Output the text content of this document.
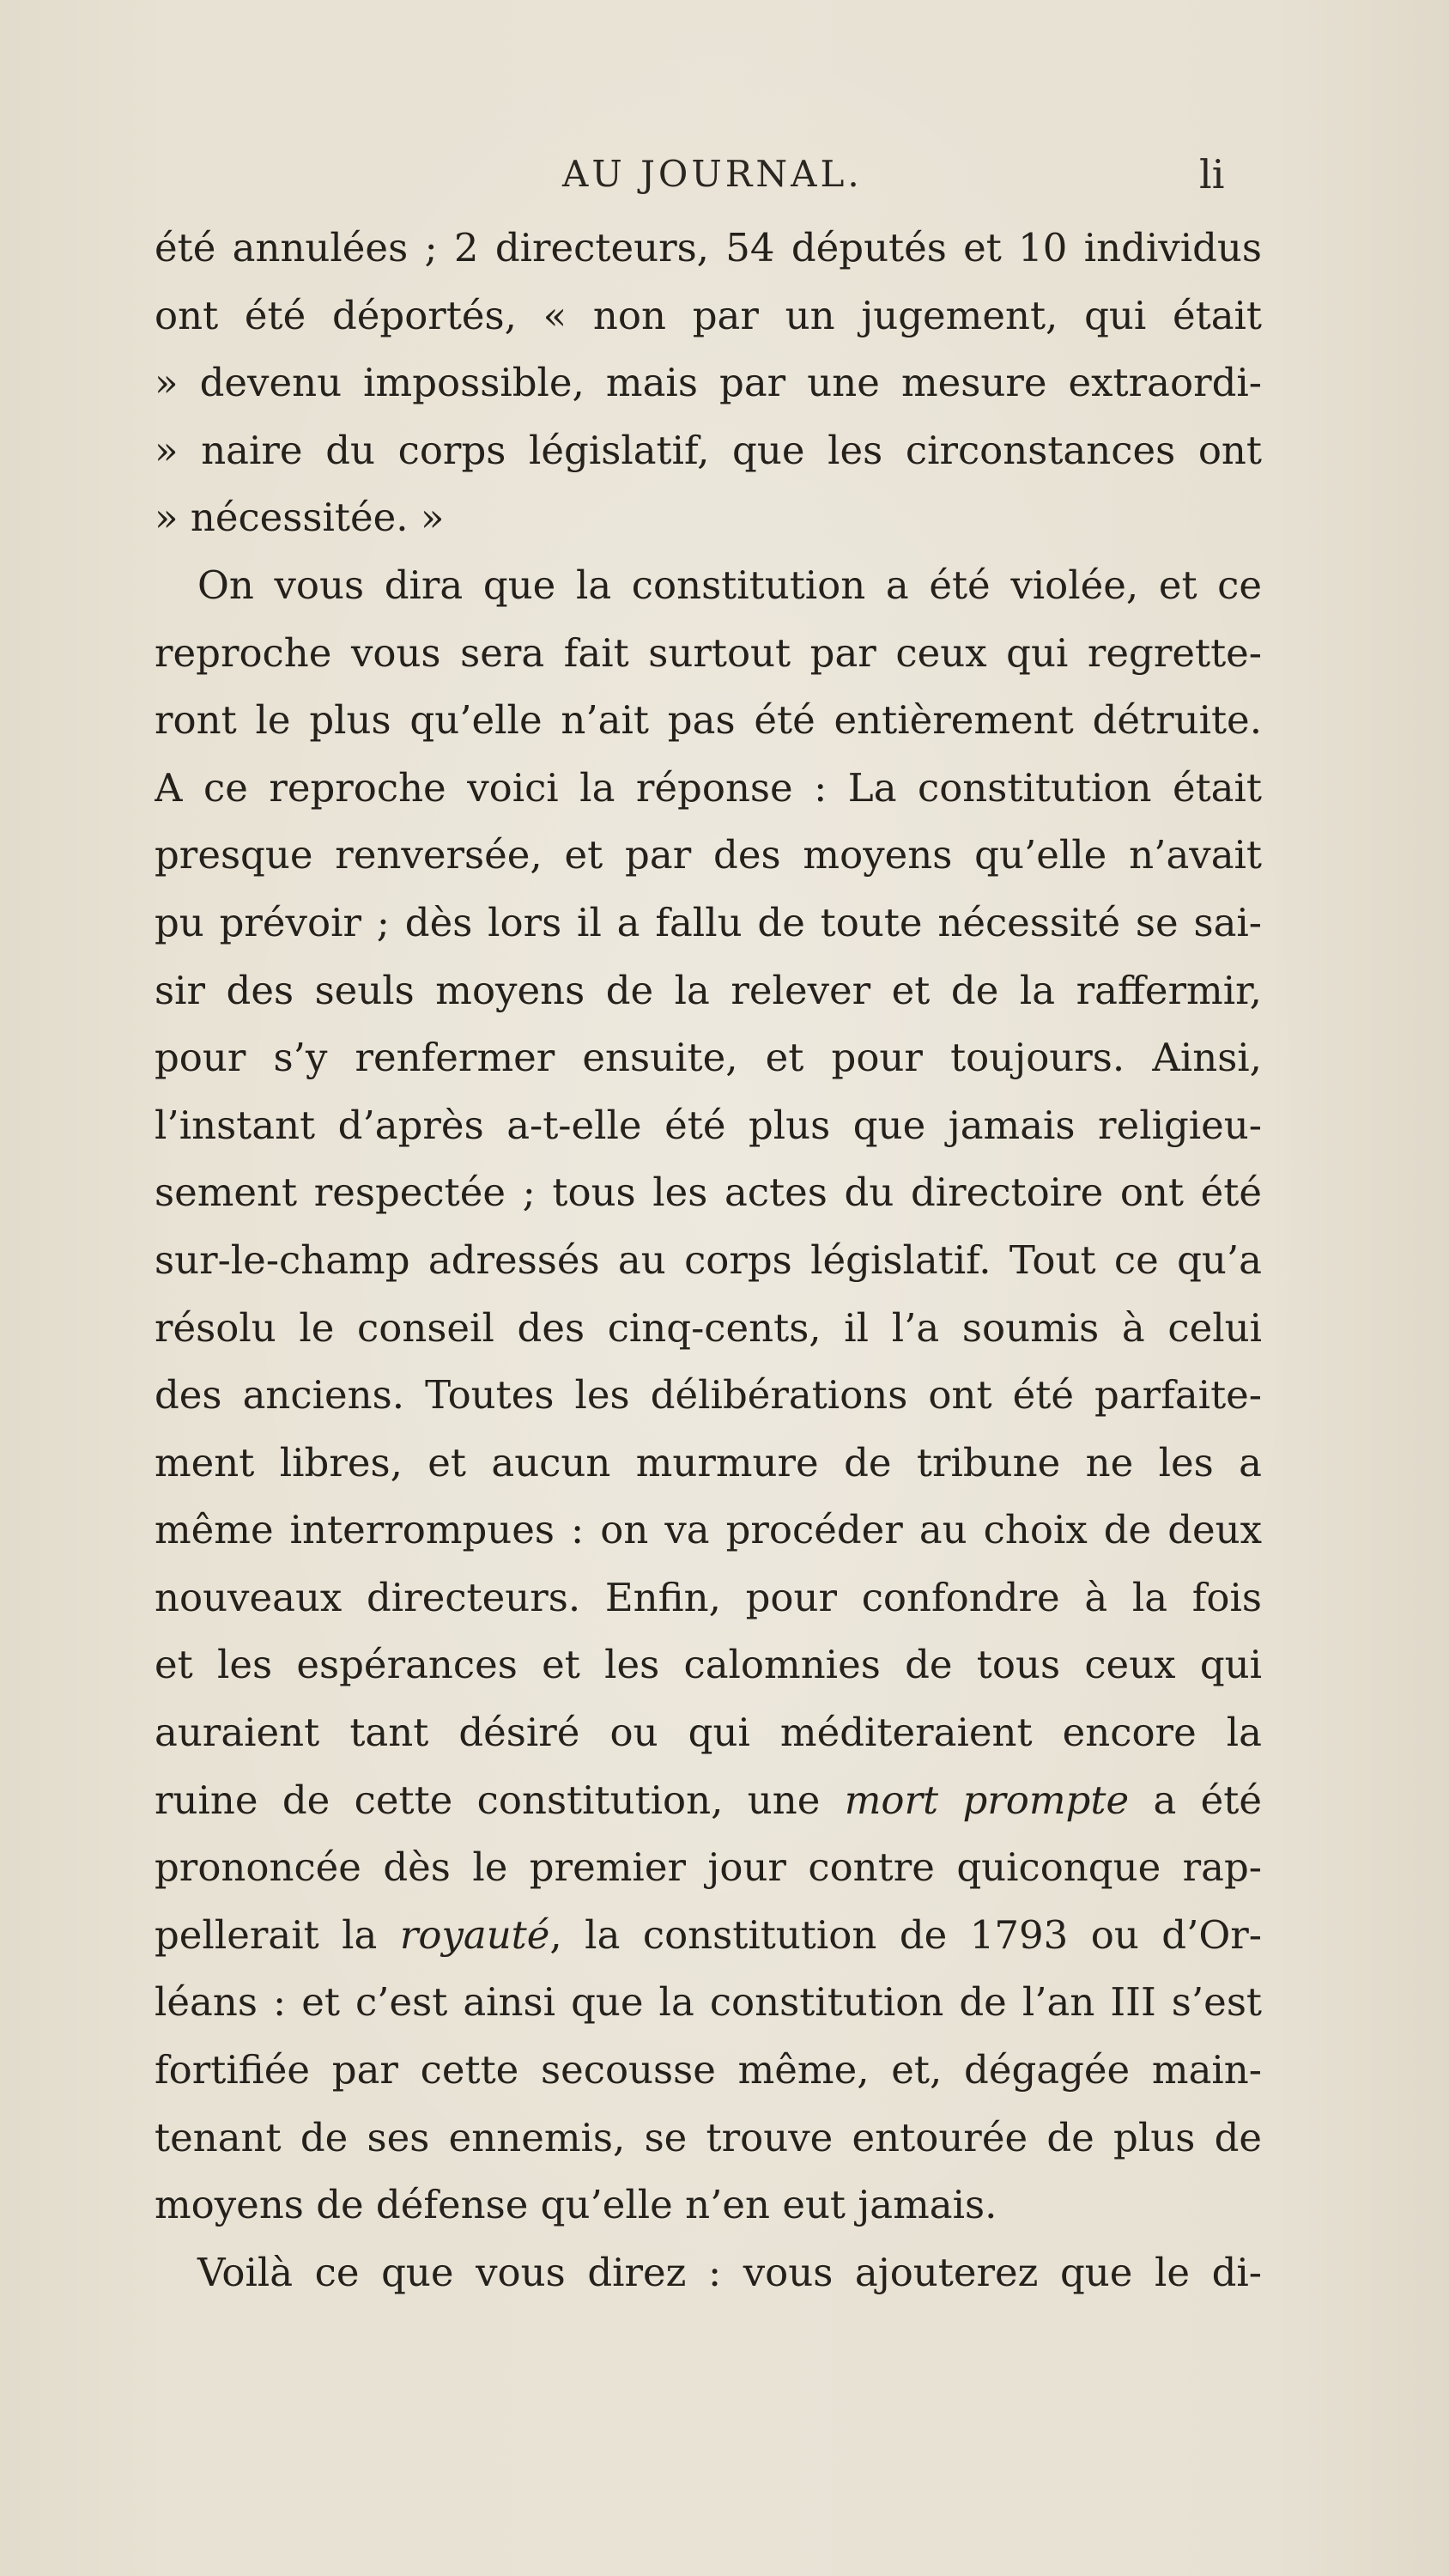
AU JOURNAL.	li
été annulées ; 2 directeurs, 54 députés et 10 individus
ont été déportés, « non par un jugement, qui était
» devenu impossible, mais par une mesure extraordi-
» naire du corps législatif, que les circonstances ont
» nécessitée. »
On vous dira que la constitution a été violée, et ce
reproche vous sera fait surtout par ceux qui regrette-
ront le plus qu’elle n’ait pas été entièrement détruite.
A ce reproche voici la réponse : La constitution était
presque renversée, et par des moyens qu’elle n’avait
pu prévoir ; dès lors il a fallu de toute nécessité se sai-
sir des seuls moyens de la relever et de la raffermir,
pour s’y renfermer ensuite, et pour toujours. Ainsi,
l’instant d’après a-t-elle été plus que jamais religieu-
sement respectée ; tous les actes du directoire ont été
sur-le-champ adressés au corps législatif. Tout ce qu’a
résolu le conseil des cinq-cents, il l’a soumis à celui
des anciens. Toutes les délibérations ont été parfaite-
ment libres, et aucun murmure de tribune ne les a
même interrompues : on va procéder au choix de deux
nouveaux directeurs. Enfin, pour confondre à la fois
et les espérances et les calomnies de tous ceux qui
auraient tant désiré ou qui méditeraient encore la
ruine de cette constitution, une mort prompte a été
prononcée dès le premier jour contre quiconque rap-
pellerait la royauté, la constitution de 1793 ou d’Or-
léans : et c’est ainsi que la constitution de l’an III s’est
fortifiée par cette secousse même, et, dégagée main-
tenant de ses ennemis, se trouve entourée de plus de
moyens de défense qu’elle n’en eut jamais.
Voilà ce que vous direz : vous ajouterez que le di-
